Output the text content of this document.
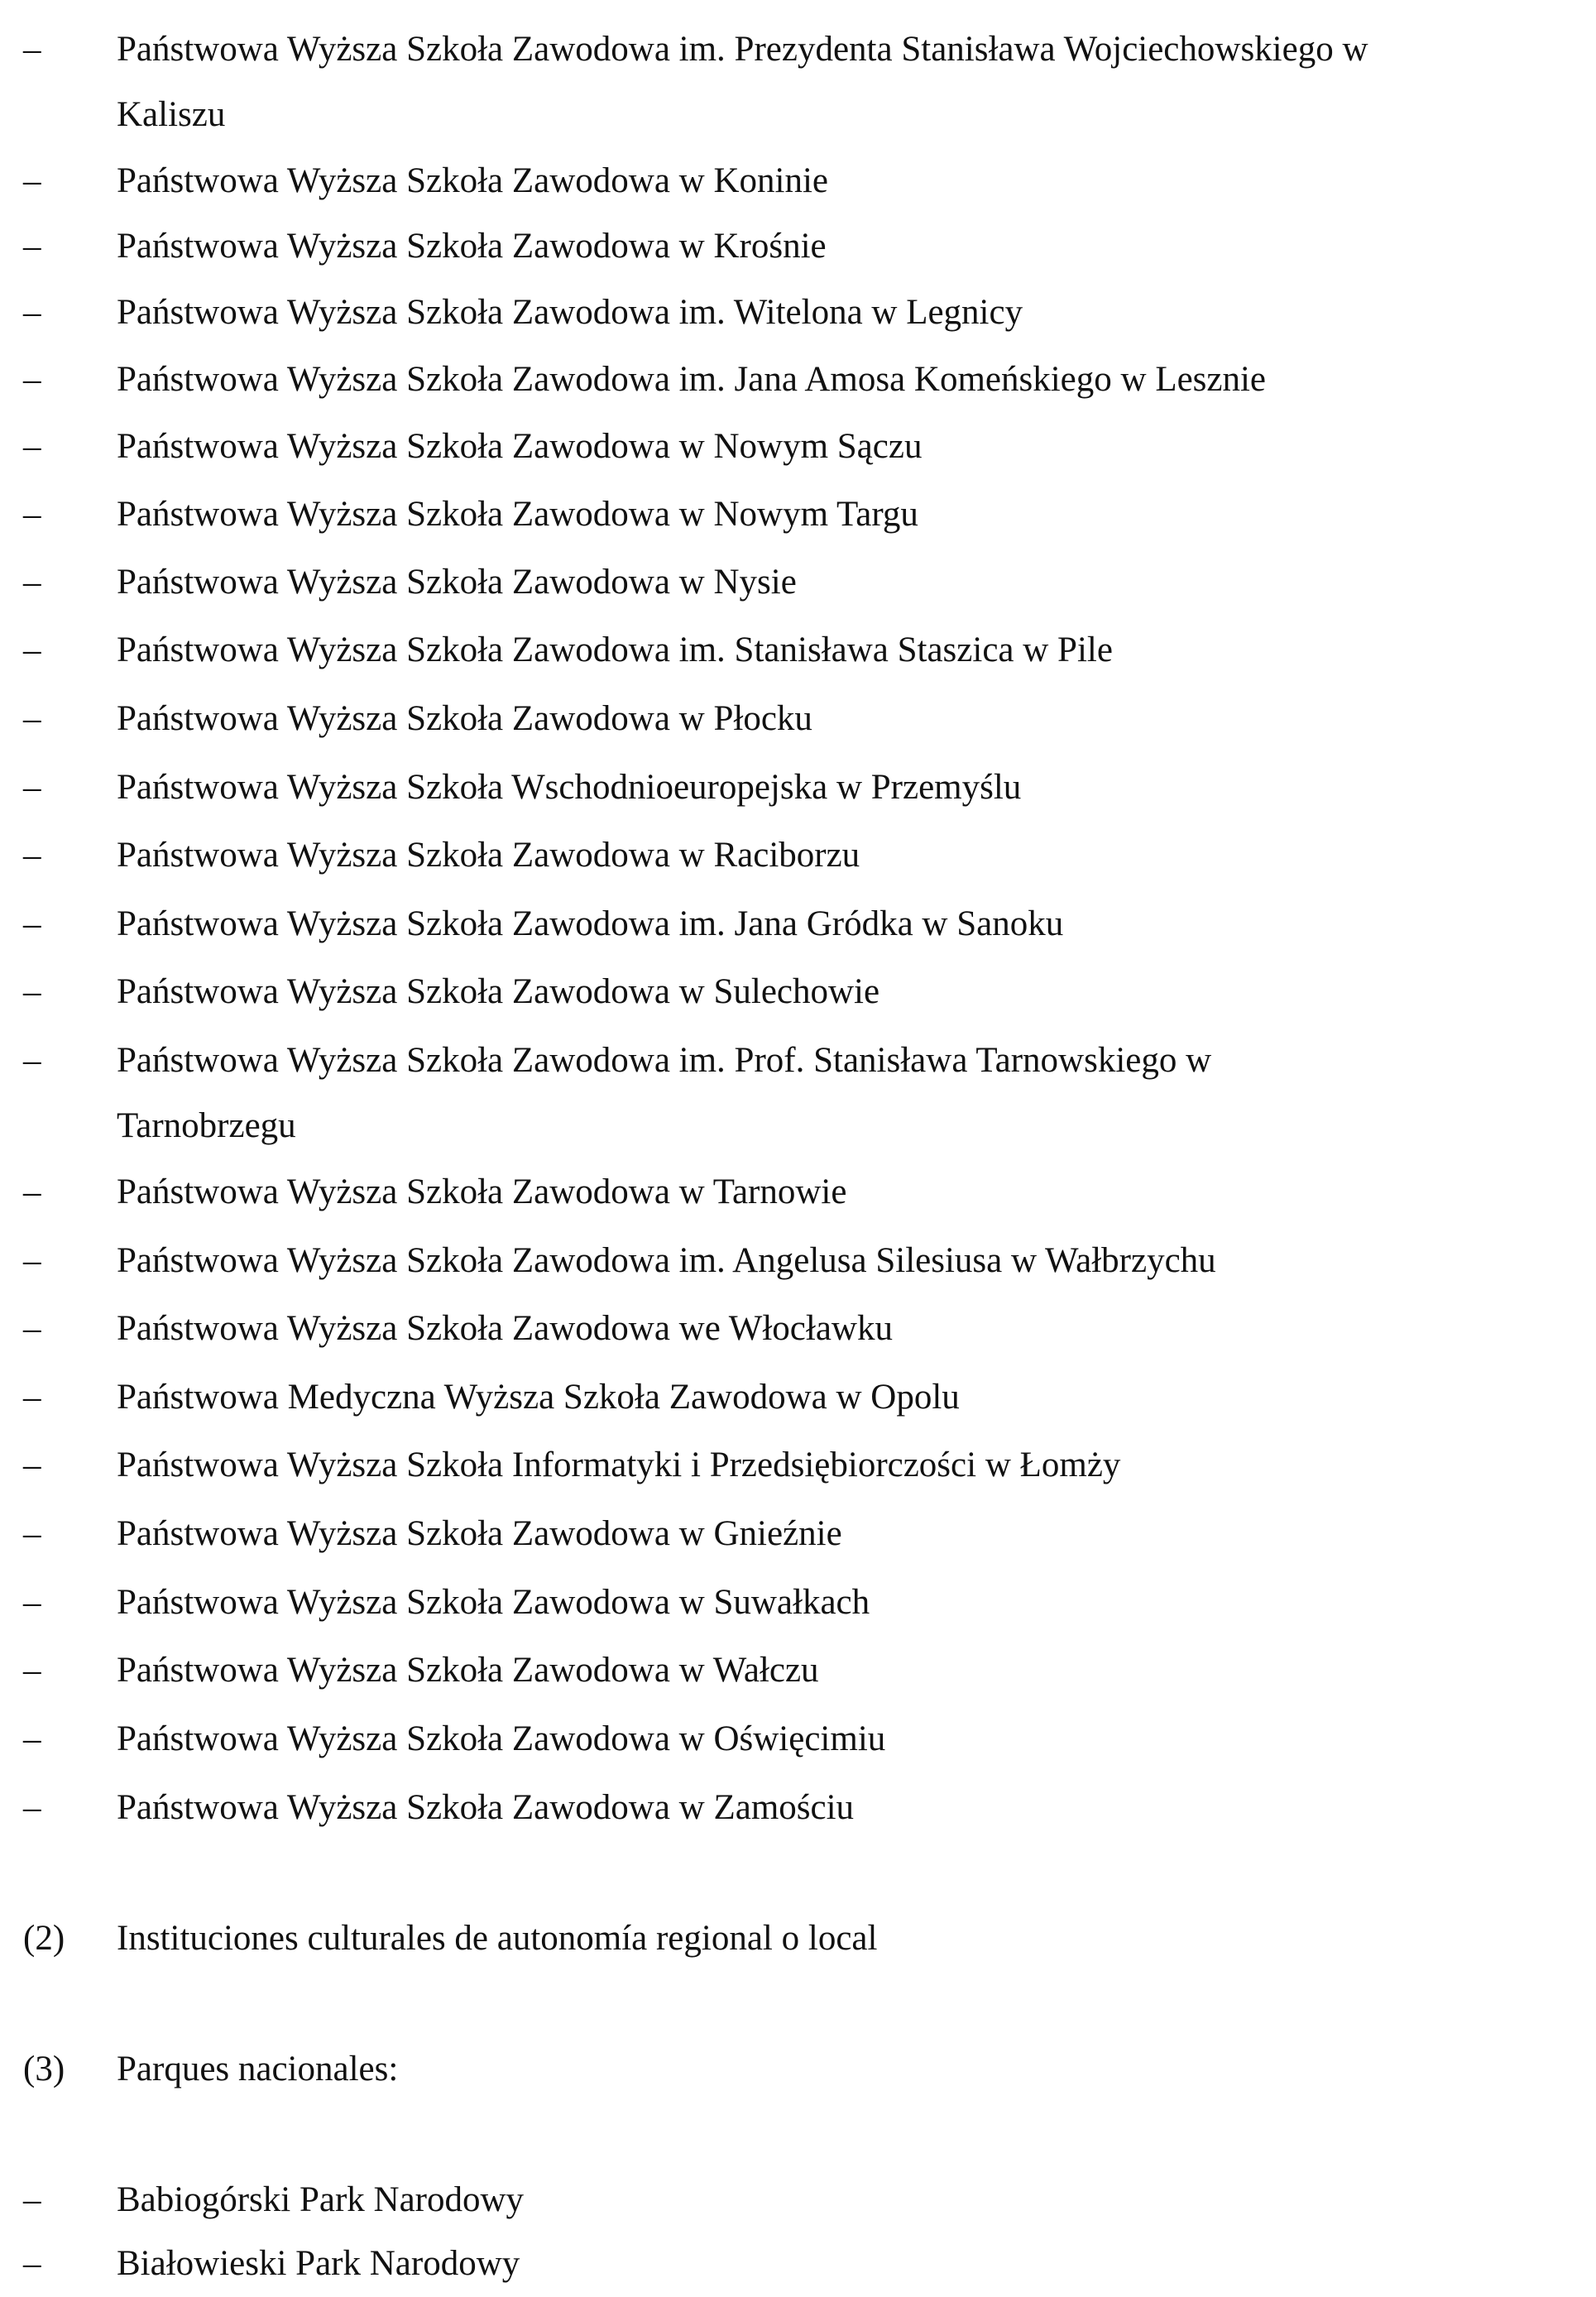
– Państwowa Wyższa Szkoła Zawodowa im. Prezydenta Stanisława Wojciechowskiego w
Kaliszu
– Państwowa Wyższa Szkoła Zawodowa w Koninie
– Państwowa Wyższa Szkoła Zawodowa w Krośnie
– Państwowa Wyższa Szkoła Zawodowa im. Witelona w Legnicy
– Państwowa Wyższa Szkoła Zawodowa im. Jana Amosa Komeńskiego w Lesznie
– Państwowa Wyższa Szkoła Zawodowa w Nowym Sączu
– Państwowa Wyższa Szkoła Zawodowa w Nowym Targu
– Państwowa Wyższa Szkoła Zawodowa w Nysie
– Państwowa Wyższa Szkoła Zawodowa im. Stanisława Staszica w Pile
– Państwowa Wyższa Szkoła Zawodowa w Płocku
– Państwowa Wyższa Szkoła Wschodnioeuropejska w Przemyślu
– Państwowa Wyższa Szkoła Zawodowa w Raciborzu
– Państwowa Wyższa Szkoła Zawodowa im. Jana Gródka w Sanoku
– Państwowa Wyższa Szkoła Zawodowa w Sulechowie
– Państwowa Wyższa Szkoła Zawodowa im. Prof. Stanisława Tarnowskiego w
Tarnobrzegu
– Państwowa Wyższa Szkoła Zawodowa w Tarnowie
– Państwowa Wyższa Szkoła Zawodowa im. Angelusa Silesiusa w Wałbrzychu
– Państwowa Wyższa Szkoła Zawodowa we Włocławku
– Państwowa Medyczna Wyższa Szkoła Zawodowa w Opolu
– Państwowa Wyższa Szkoła Informatyki i Przedsiębiorczości w Łomży
– Państwowa Wyższa Szkoła Zawodowa w Gnieźnie
– Państwowa Wyższa Szkoła Zawodowa w Suwałkach
– Państwowa Wyższa Szkoła Zawodowa w Wałczu
– Państwowa Wyższa Szkoła Zawodowa w Oświęcimiu
– Państwowa Wyższa Szkoła Zawodowa w Zamościu
(2) Instituciones culturales de autonomía regional o local
(3) Parques nacionales:
– Babiogórski Park Narodowy
– Białowieski Park Narodowy
